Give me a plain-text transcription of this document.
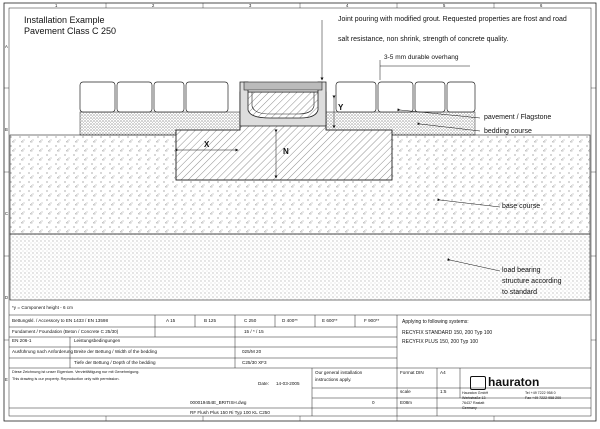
1	2	3	4	5	6
A
B
C
D
E
Installation Example
Pavement Class C 250
Joint pouring with modified grout. Requested properties are frost and road
salt resistance, non shrink, strength of concrete quality.
3-5 mm durable overhang
pavement / Flagstone
bedding course
base course
load bearing
structure according
to standard
X
N
Y
*y = Component height - 6 cm
Bettungskl. / Accessory to EN 1433 / EN 13598	A 15	B 125	C 250	D 400**	E 600**	F 900**
Fundament / Foundation (Beton / Concrete C 25/30)	15 / * / 15
EN 206-1	Leistungsbedingungen
Ausführung nach Anforderung Breite der Bettung / Width of the bedding	025/M 20
Tiefe der Bettung / Depth of the bedding	C25/30 XF3
Applying to following systems:
RECYFIX STANDARD 150, 200 Typ 100
RECYFIX PLUS 150, 200 Typ 100
Diese Zeichnung ist unser Eigentum. Vervielfältigung nur mit Genehmigung.
This drawing is our property. Reproduction only with permission.
Date: 14-03-2005
Our general installation
instructions apply.
Format DIN	A4
scale	1:5
000019454E_BRITISH.dwg	0	E08m
RF Flush Plus 150 Ri Typ 100 KL C250
hauraton
Hauraton GmbH
Werkstraße 13
76437 Rastatt
Germany
Tel +49 7222 958 0
Fax +49 7222 958 200
